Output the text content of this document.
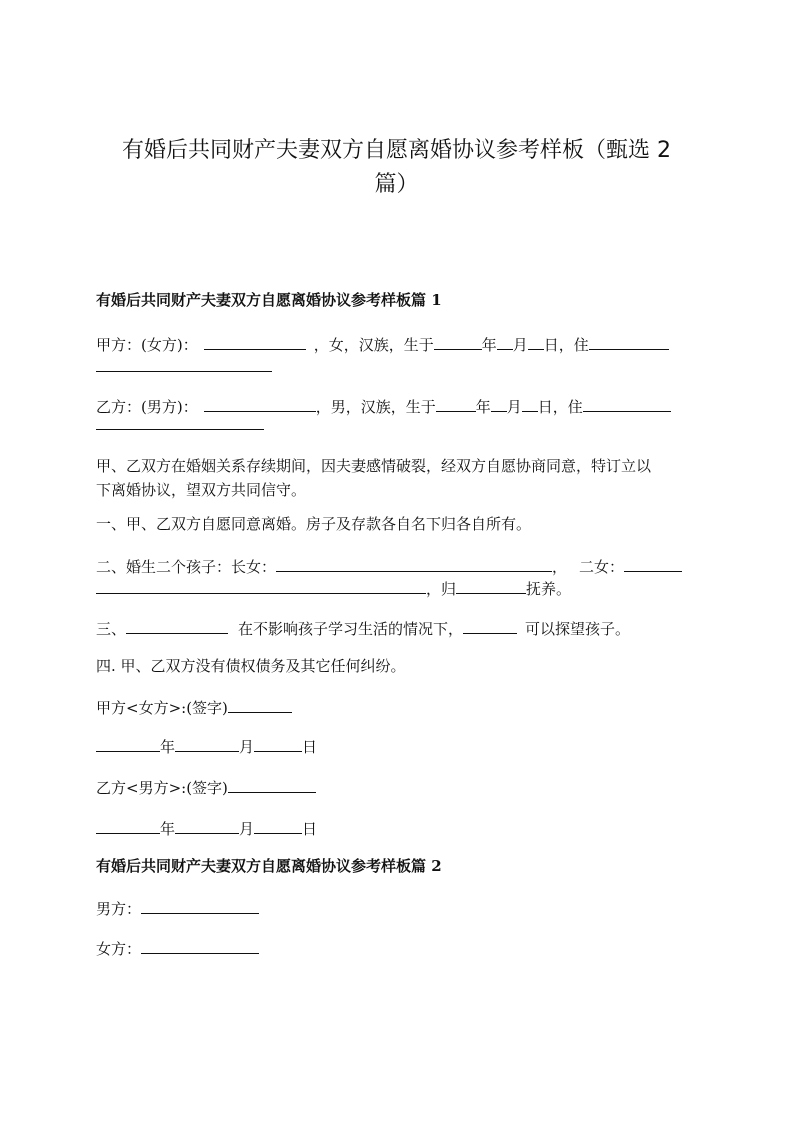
有婚后共同财产夫妻双方自愿离婚协议参考样板（甄选 2
篇）
有婚后共同财产夫妻双方自愿离婚协议参考样板篇 1
甲方：(女方)：	，女，汉族，生于	年 月 日，住
乙方：(男方)：	，男，汉族，生于	年 月 日，住
甲、乙双方在婚姻关系存续期间，因夫妻感情破裂，经双方自愿协商同意，特订立以
下离婚协议，望双方共同信守。
一、甲、乙双方自愿同意离婚。房子及存款各自名下归各自所有。
二、婚生二个孩子：长女：	， 二女：
，归	抚养。
三、	在不影响孩子学习生活的情况下，	可以探望孩子。
四. 甲、乙双方没有债权债务及其它任何纠纷。
甲方<女方>:(签字)
年	月	日
乙方<男方>:(签字)
年	月	日
有婚后共同财产夫妻双方自愿离婚协议参考样板篇 2
男方：
女方：
